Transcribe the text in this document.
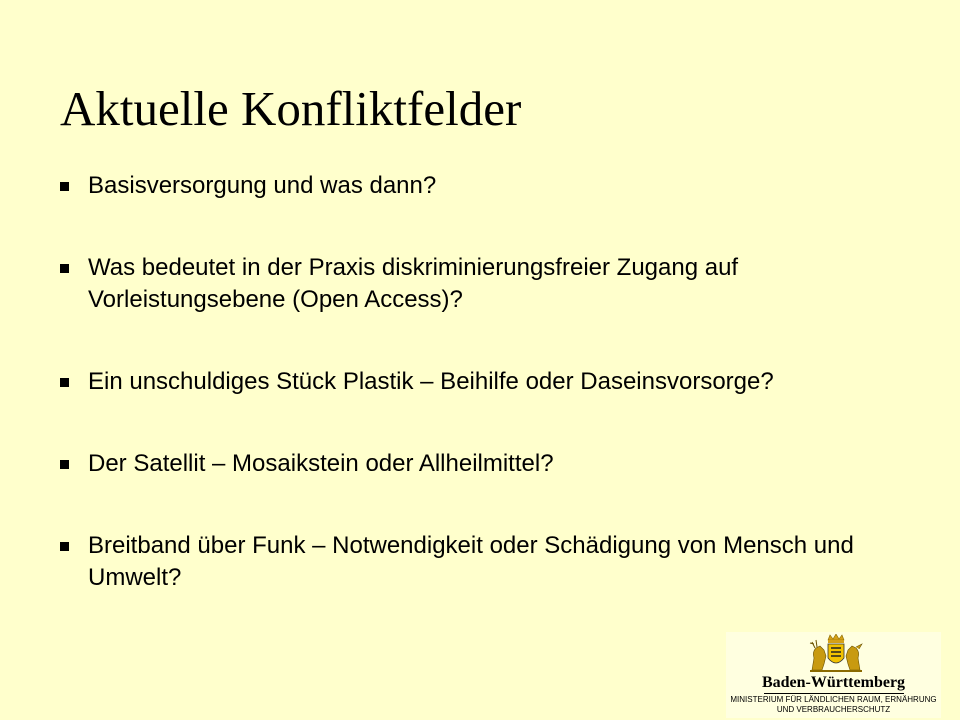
Aktuelle Konfliktfelder
Basisversorgung und was dann?
Was bedeutet in der Praxis diskriminierungsfreier Zugang auf Vorleistungsebene (Open Access)?
Ein unschuldiges Stück Plastik – Beihilfe oder Daseinsvorsorge?
Der Satellit – Mosaikstein oder Allheilmittel?
Breitband über Funk – Notwendigkeit oder Schädigung von Mensch und Umwelt?
Baden-Württemberg
MINISTERIUM FÜR LÄNDLICHEN RAUM, ERNÄHRUNG
UND VERBRAUCHERSCHUTZ
